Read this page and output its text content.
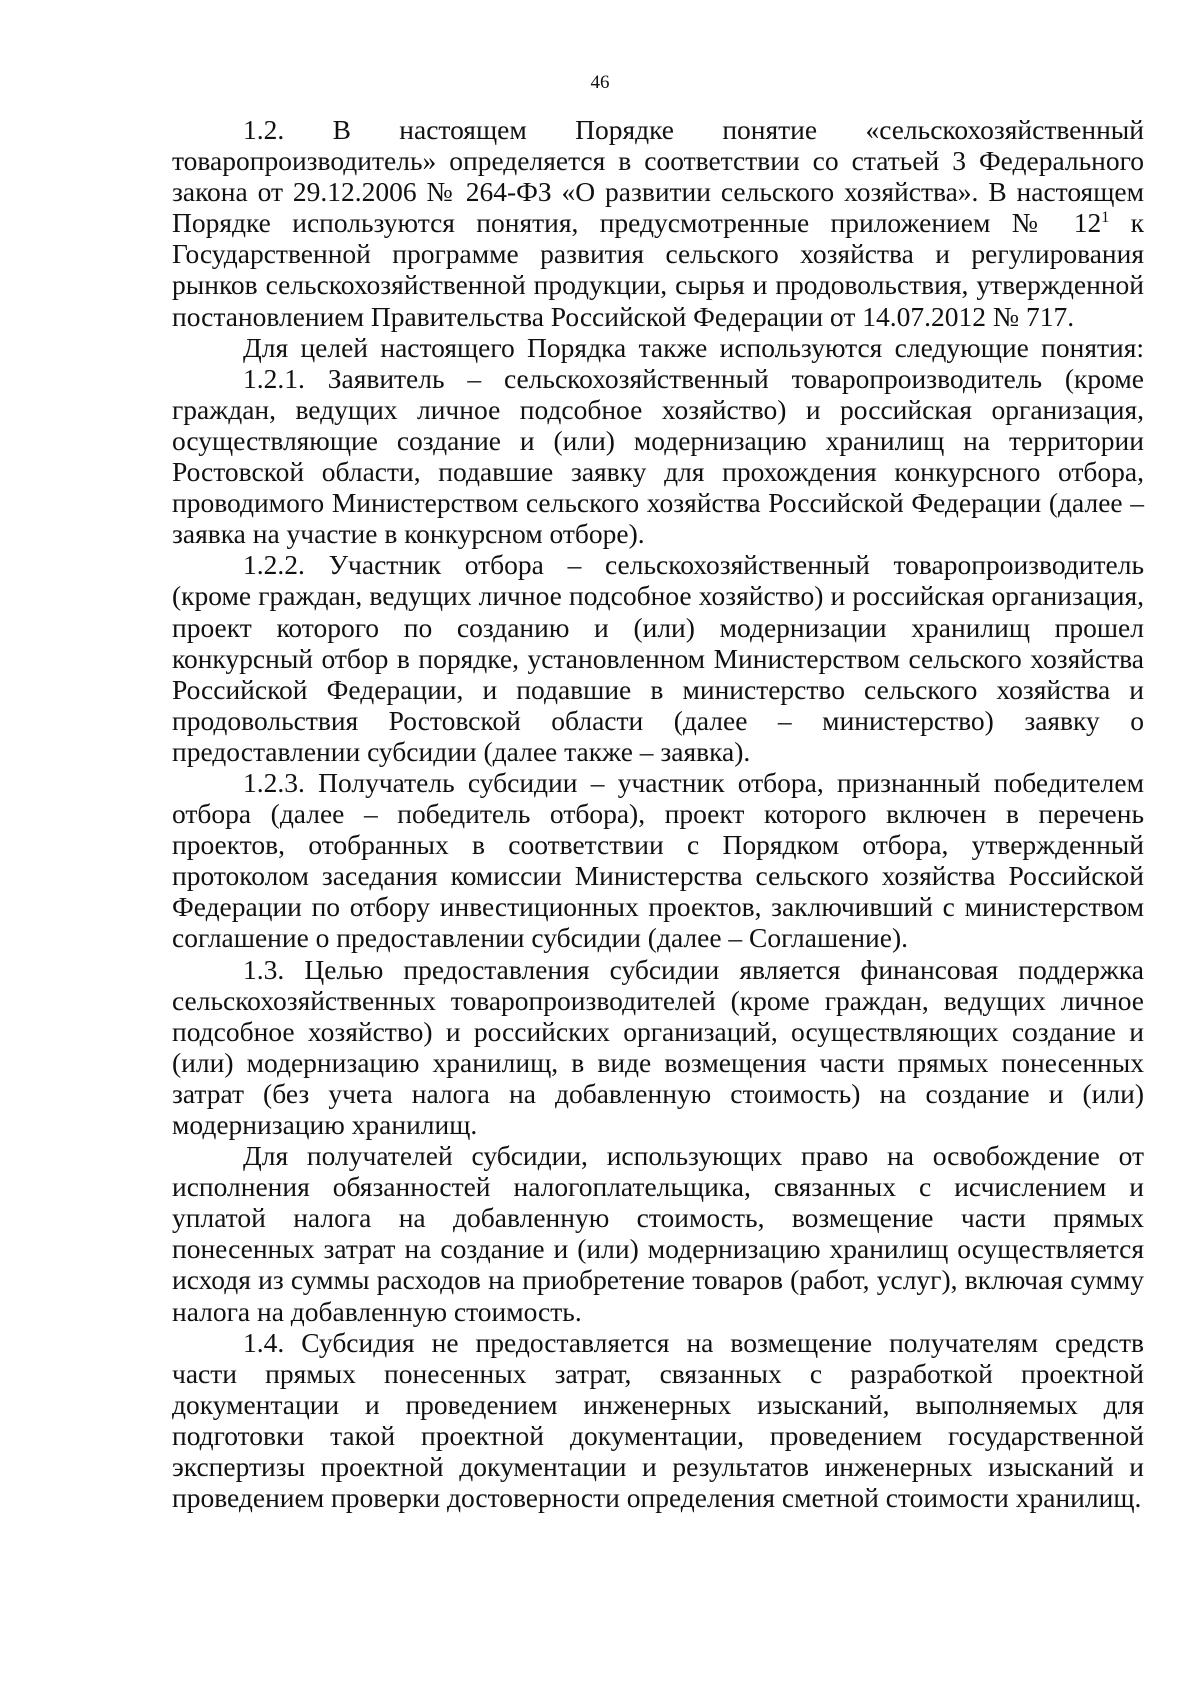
46

1.2. В настоящем Порядке понятие «сельскохозяйственный товаропроизводитель» определяется в соответствии со статьей 3 Федерального закона от 29.12.2006 № 264-ФЗ «О развитии сельского хозяйства». В настоящем Порядке используются понятия, предусмотренные приложением № $12^1$ к Государственной программе развития сельского хозяйства и регулирования рынков сельскохозяйственной продукции, сырья и продовольствия, утвержденной постановлением Правительства Российской Федерации от 14.07.2012 № 717.

Для целей настоящего Порядка также используются следующие понятия:

1.2.1. Заявитель – сельскохозяйственный товаропроизводитель (кроме граждан, ведущих личное подсобное хозяйство) и российская организация, осуществляющие создание и (или) модернизацию хранилищ на территории Ростовской области, подавшие заявку для прохождения конкурсного отбора, проводимого Министерством сельского хозяйства Российской Федерации (далее – заявка на участие в конкурсном отборе).

1.2.2. Участник отбора – сельскохозяйственный товаропроизводитель (кроме граждан, ведущих личное подсобное хозяйство) и российская организация, проект которого по созданию и (или) модернизации хранилищ прошел конкурсный отбор в порядке, установленном Министерством сельского хозяйства Российской Федерации, и подавшие в министерство сельского хозяйства и продовольствия Ростовской области (далее – министерство) заявку о предоставлении субсидии (далее также – заявка).

1.2.3. Получатель субсидии – участник отбора, признанный победителем отбора (далее – победитель отбора), проект которого включен в перечень проектов, отобранных в соответствии с Порядком отбора, утвержденный протоколом заседания комиссии Министерства сельского хозяйства Российской Федерации по отбору инвестиционных проектов, заключивший с министерством соглашение о предоставлении субсидии (далее – Соглашение).

1.3. Целью предоставления субсидии является финансовая поддержка сельскохозяйственных товаропроизводителей (кроме граждан, ведущих личное подсобное хозяйство) и российских организаций, осуществляющих создание и (или) модернизацию хранилищ, в виде возмещения части прямых понесенных затрат (без учета налога на добавленную стоимость) на создание и (или) модернизацию хранилищ.

Для получателей субсидии, использующих право на освобождение от исполнения обязанностей налогоплательщика, связанных с исчислением и уплатой налога на добавленную стоимость, возмещение части прямых понесенных затрат на создание и (или) модернизацию хранилищ осуществляется исходя из суммы расходов на приобретение товаров (работ, услуг), включая сумму налога на добавленную стоимость.

1.4. Субсидия не предоставляется на возмещение получателям средств части прямых понесенных затрат, связанных с разработкой проектной документации и проведением инженерных изысканий, выполняемых для подготовки такой проектной документации, проведением государственной экспертизы проектной документации и результатов инженерных изысканий и проведением проверки достоверности определения сметной стоимости хранилищ.
